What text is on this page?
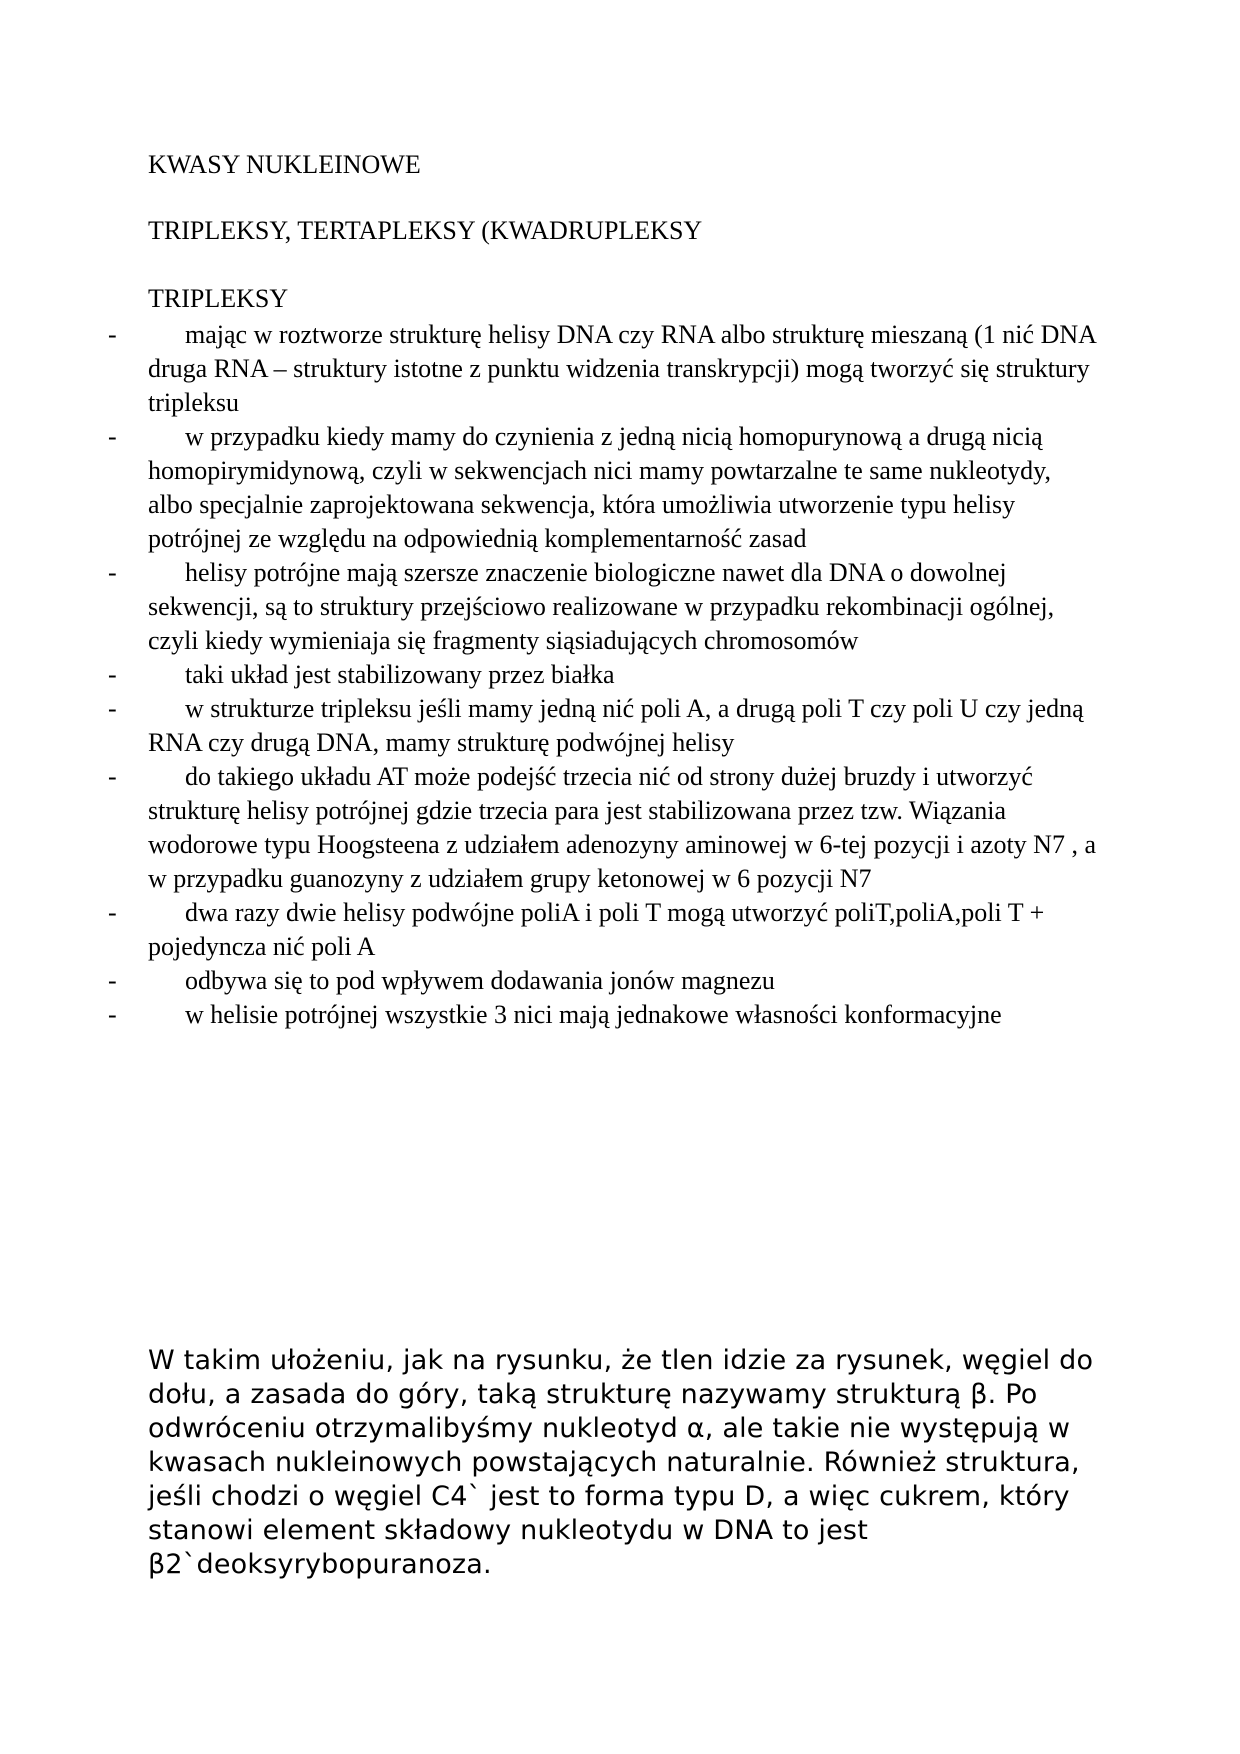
KWASY NUKLEINOWE
TRIPLEKSY, TERTAPLEKSY (KWADRUPLEKSY
TRIPLEKSY
-	mając w roztworze strukturę helisy DNA czy RNA albo strukturę mieszaną (1 nić DNA druga RNA – struktury istotne z punktu widzenia transkrypcji) mogą tworzyć się struktury tripleksu

-	w przypadku kiedy mamy do czynienia z jedną nicią homopurynową a drugą nicią homopirymidynową, czyli w sekwencjach nici mamy powtarzalne te same nukleotydy, albo specjalnie zaprojektowana sekwencja, która umożliwia utworzenie typu helisy potrójnej ze względu na odpowiednią komplementarność zasad

-	helisy potrójne mają szersze znaczenie biologiczne nawet dla DNA o dowolnej sekwencji, są to struktury przejściowo realizowane w przypadku rekombinacji ogólnej, czyli kiedy wymieniaja się fragmenty siąsiadujących chromosomów

-	taki układ jest stabilizowany przez białka

-	w strukturze tripleksu jeśli mamy jedną nić poli A, a drugą poli T czy poli U czy jedną RNA czy drugą DNA, mamy strukturę podwójnej helisy

-	do takiego układu AT może podejść trzecia nić od strony dużej bruzdy i utworzyć strukturę helisy potrójnej gdzie trzecia para jest stabilizowana przez tzw. Wiązania wodorowe typu Hoogsteena z udziałem adenozyny aminowej w 6-tej pozycji i azoty N7 , a w przypadku guanozyny z udziałem grupy ketonowej w 6 pozycji N7

-	dwa razy dwie helisy podwójne poliA i poli T mogą utworzyć poliT,poliA,poli T + pojedyncza nić poli A

-	odbywa się to pod wpływem dodawania jonów magnezu

-	w helisie potrójnej wszystkie 3 nici mają jednakowe własności konformacyjne

W takim ułożeniu, jak na rysunku, że tlen idzie za rysunek, węgiel do dołu, a zasada do góry, taką strukturę nazywamy strukturą β. Po odwróceniu otrzymalibyśmy nukleotyd α, ale takie nie występują w kwasach nukleinowych powstających naturalnie. Również struktura, jeśli chodzi o węgiel C4` jest to forma typu D, a więc cukrem, który stanowi element składowy nukleotydu w DNA to jest β2`deoksyrybopuranoza.
